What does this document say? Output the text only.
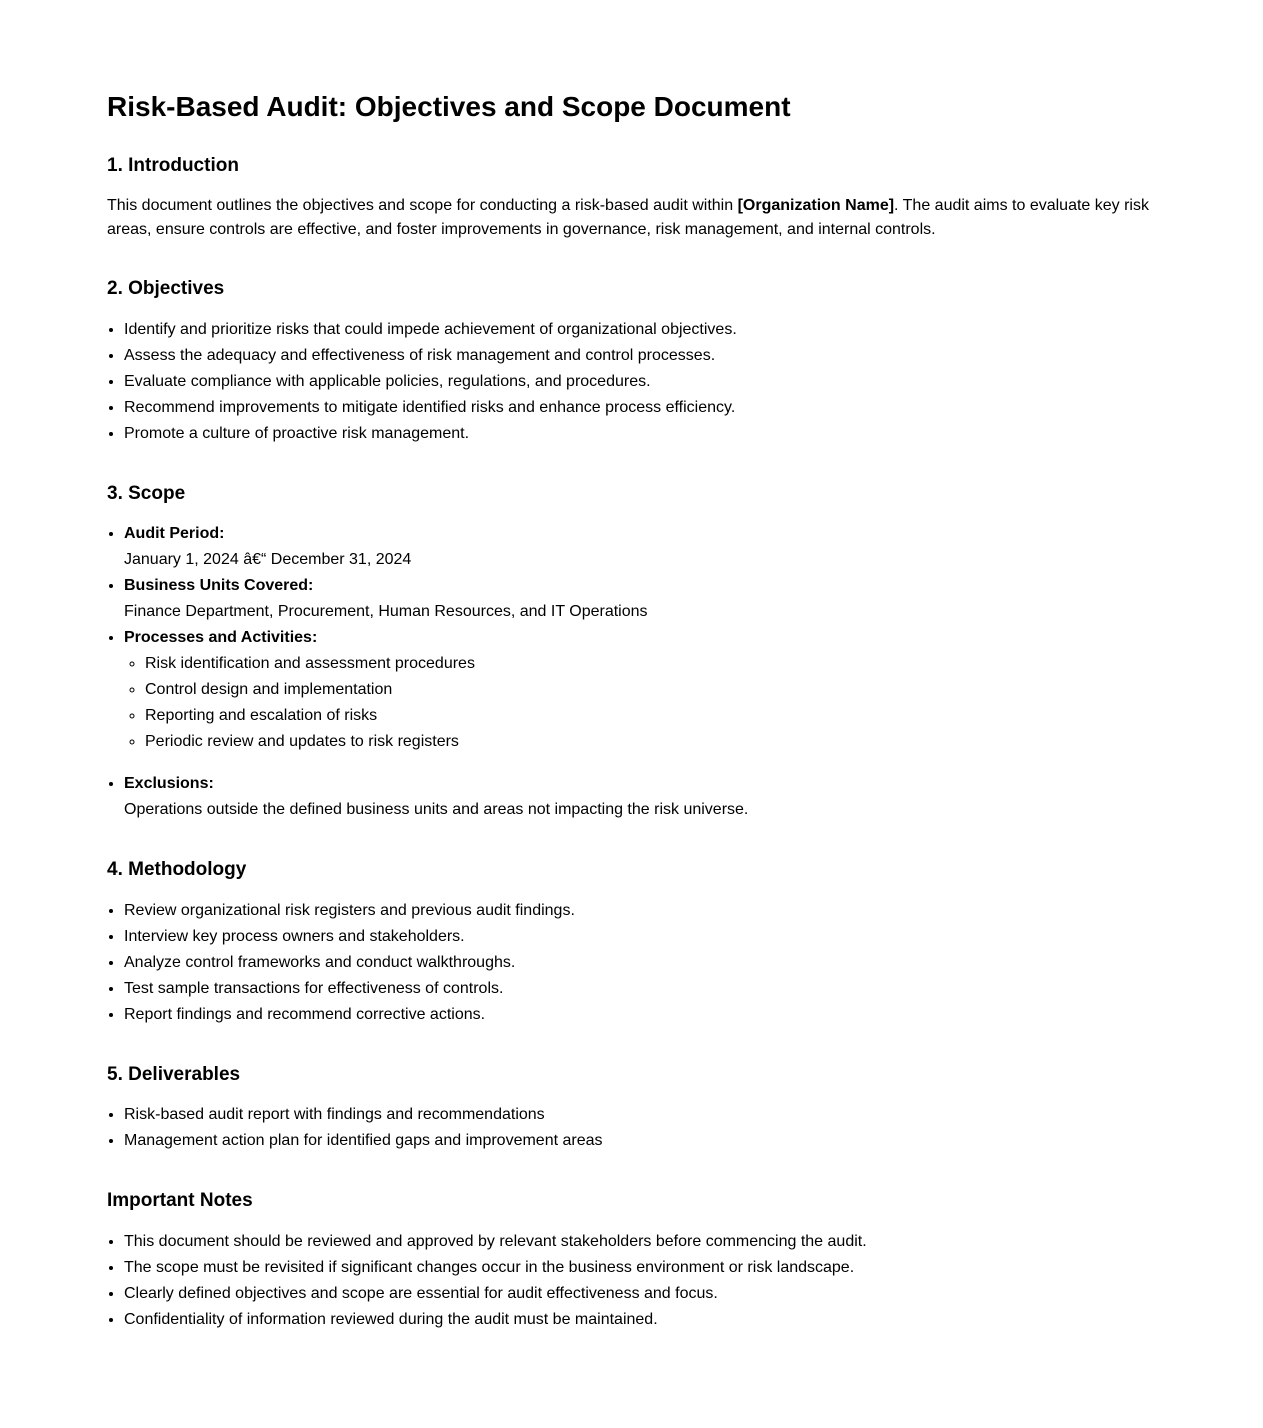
Risk-Based Audit: Objectives and Scope Document
1. Introduction

This document outlines the objectives and scope for conducting a risk-based audit within [Organization Name]. The audit aims to evaluate key risk areas, ensure controls are effective, and foster improvements in governance, risk management, and internal controls.

2. Objectives
• Identify and prioritize risks that could impede achievement of organizational objectives.
• Assess the adequacy and effectiveness of risk management and control processes.
• Evaluate compliance with applicable policies, regulations, and procedures.
• Recommend improvements to mitigate identified risks and enhance process efficiency.
• Promote a culture of proactive risk management.
3. Scope
• Audit Period:
January 1, 2024 â€“ December 31, 2024
• Business Units Covered:
Finance Department, Procurement, Human Resources, and IT Operations
• Processes and Activities:
◦ Risk identification and assessment procedures
◦ Control design and implementation
◦ Reporting and escalation of risks
◦ Periodic review and updates to risk registers
• Exclusions:
Operations outside the defined business units and areas not impacting the risk universe.
4. Methodology
• Review organizational risk registers and previous audit findings.
• Interview key process owners and stakeholders.
• Analyze control frameworks and conduct walkthroughs.
• Test sample transactions for effectiveness of controls.
• Report findings and recommend corrective actions.
5. Deliverables
• Risk-based audit report with findings and recommendations
• Management action plan for identified gaps and improvement areas
Important Notes
• This document should be reviewed and approved by relevant stakeholders before commencing the audit.
• The scope must be revisited if significant changes occur in the business environment or risk landscape.
• Clearly defined objectives and scope are essential for audit effectiveness and focus.
• Confidentiality of information reviewed during the audit must be maintained.
